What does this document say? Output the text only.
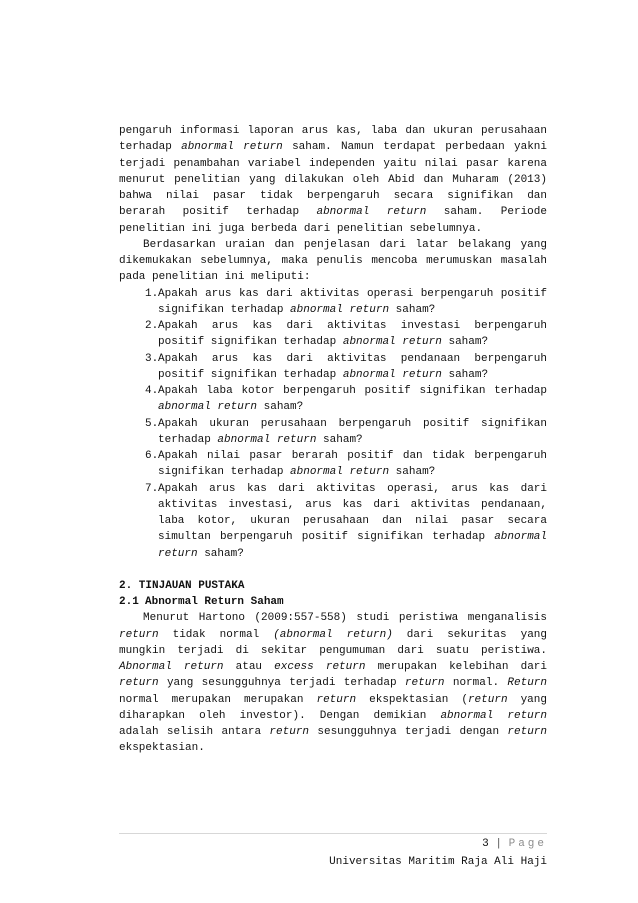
pengaruh informasi laporan arus kas, laba dan ukuran perusahaan terhadap abnormal return saham. Namun terdapat perbedaan yakni terjadi penambahan variabel independen yaitu nilai pasar karena menurut penelitian yang dilakukan oleh Abid dan Muharam (2013) bahwa nilai pasar tidak berpengaruh secara signifikan dan berarah positif terhadap abnormal return saham. Periode penelitian ini juga berbeda dari penelitian sebelumnya.

Berdasarkan uraian dan penjelasan dari latar belakang yang dikemukakan sebelumnya, maka penulis mencoba merumuskan masalah pada penelitian ini meliputi:

1. Apakah arus kas dari aktivitas operasi berpengaruh positif signifikan terhadap abnormal return saham?
2. Apakah arus kas dari aktivitas investasi berpengaruh positif signifikan terhadap abnormal return saham?
3. Apakah arus kas dari aktivitas pendanaan berpengaruh positif signifikan terhadap abnormal return saham?
4. Apakah laba kotor berpengaruh positif signifikan terhadap abnormal return saham?
5. Apakah ukuran perusahaan berpengaruh positif signifikan terhadap abnormal return saham?
6. Apakah nilai pasar berarah positif dan tidak berpengaruh signifikan terhadap abnormal return saham?
7. Apakah arus kas dari aktivitas operasi, arus kas dari aktivitas investasi, arus kas dari aktivitas pendanaan, laba kotor, ukuran perusahaan dan nilai pasar secara simultan berpengaruh positif signifikan terhadap abnormal return saham?
2. TINJAUAN PUSTAKA
2.1 Abnormal Return Saham

Menurut Hartono (2009:557-558) studi peristiwa menganalisis return tidak normal (abnormal return) dari sekuritas yang mungkin terjadi di sekitar pengumuman dari suatu peristiwa. Abnormal return atau excess return merupakan kelebihan dari return yang sesungguhnya terjadi terhadap return normal. Return normal merupakan merupakan return ekspektasian (return yang diharapkan oleh investor). Dengan demikian abnormal return adalah selisih antara return sesungguhnya terjadi dengan return ekspektasian.

3 | Page
Universitas Maritim Raja Ali Haji
